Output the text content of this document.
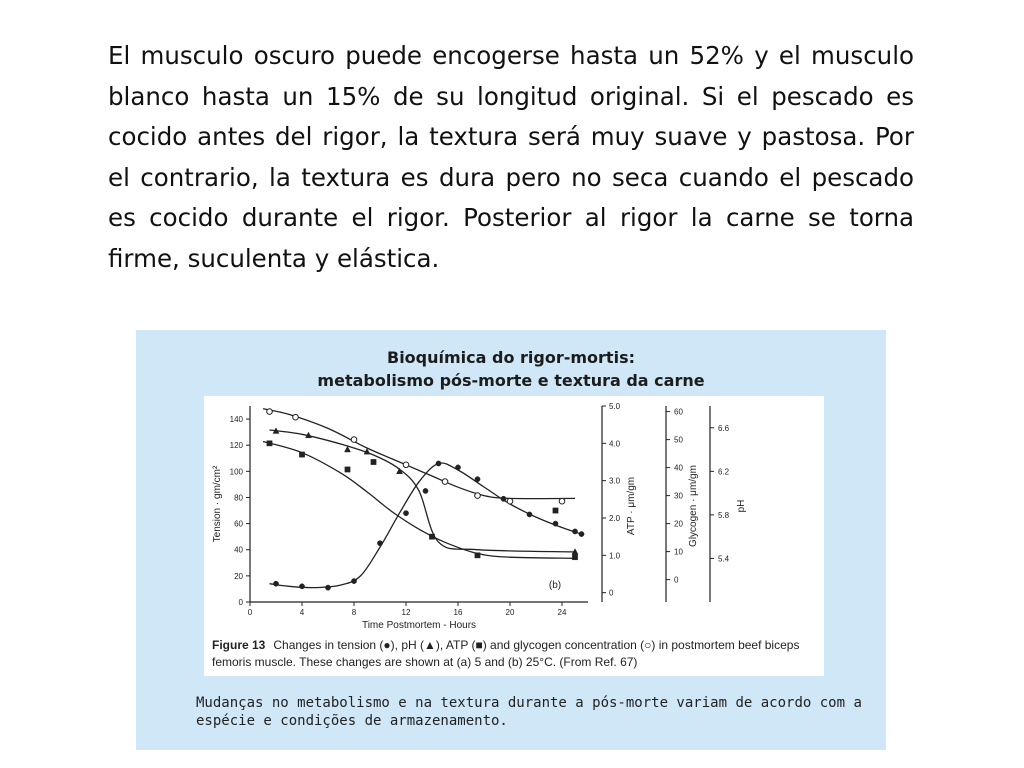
El musculo oscuro puede encogerse hasta un 52% y el musculo blanco hasta un 15% de su longitud original. Si el pescado es cocido antes del rigor, la textura será muy suave y pastosa. Por el contrario, la textura es dura pero no seca cuando el pescado es cocido durante el rigor. Posterior al rigor la carne se torna firme, suculenta y elástica.

Bioquímica do rigor-mortis:
metabolismo pós-morte e textura da carne
0	4	8	12	16	20	24
Time Postmortem - Hours
(b)
0
20
40
60
80
100
120
140
Tension · gm/cm²
0
1.0
2.0
3.0
4.0
5.0
ATP · μm/gm
0
10
20
30
40
50
60
Glycogen · μm/gm
5.4
5.8
6.2
6.6
pH
Figure 13 Changes in tension (●), pH (▲), ATP (■) and glycogen concentration (○) in postmortem beef biceps femoris muscle. These changes are shown at (a) 5 and (b) 25°C. (From Ref. 67)
Mudanças no metabolismo e na textura durante a pós-morte variam de acordo com a espécie e condições de armazenamento.
